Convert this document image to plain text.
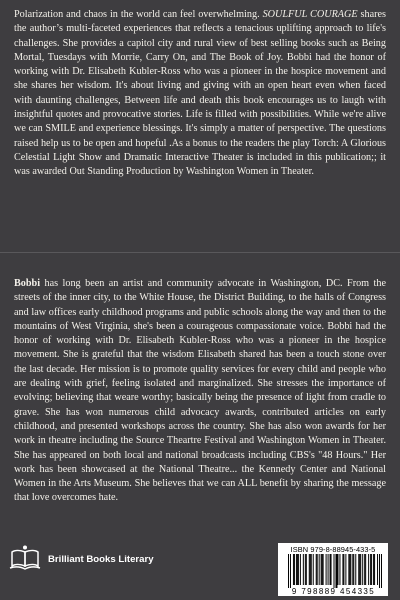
Polarization and chaos in the world can feel overwhelming. SOULFUL COURAGE shares the author’s multi-faceted experiences that reflects a tenacious uplifting approach to life's challenges. She provides a capitol city and rural view of best selling books such as Being Mortal, Tuesdays with Morrie, Carry On, and The Book of Joy. Bobbi had the honor of working with Dr. Elisabeth Kubler-Ross who was a pioneer in the hospice movement and she shares her wisdom. It's about living and giving with an open heart even when faced with daunting challenges, Between life and death this book encourages us to laugh with insightful quotes and provocative stories. Life is filled with possibilities. While we're alive we can SMILE and experience blessings. It's simply a matter of perspective. The questions raised help us to be open and hopeful .As a bonus to the readers the play Torch: A Glorious Celestial Light Show and Dramatic Interactive Theater is included in this publication;; it was awarded Out Standing Production by Washington Women in Theater.

Bobbi has long been an artist and community advocate in Washington, DC. From the streets of the inner city, to the White House, the District Building, to the halls of Congress and law offices early childhood programs and public schools along the way and then to the mountains of West Virginia, she's been a courageous compassionate voice. Bobbi had the honor of working with Dr. Elisabeth Kubler-Ross who was a pioneer in the hospice movement. She is grateful that the wisdom Elisabeth shared has been a touch stone over the last decade. Her mission is to promote quality services for every child and people who are dealing with grief, feeling isolated and marginalized. She stresses the importance of evolving; believing that weare worthy; basically being the presence of light from cradle to grave. She has won numerous child advocacy awards, contributed articles on early childhood, and presented workshops across the country. She has also won awards for her work in theatre including the Source Theartre Festival and Washington Women in Theater. She has appeared on both local and national broadcasts including CBS's "48 Hours." Her work has been showcased at the National Theatre... the Kennedy Center and National Women in the Arts Museum. She believes that we can ALL benefit by sharing the message that love overcomes hate.

Brilliant Books Literary
ISBN 979-8-88945-433-5
9 798889 454335
